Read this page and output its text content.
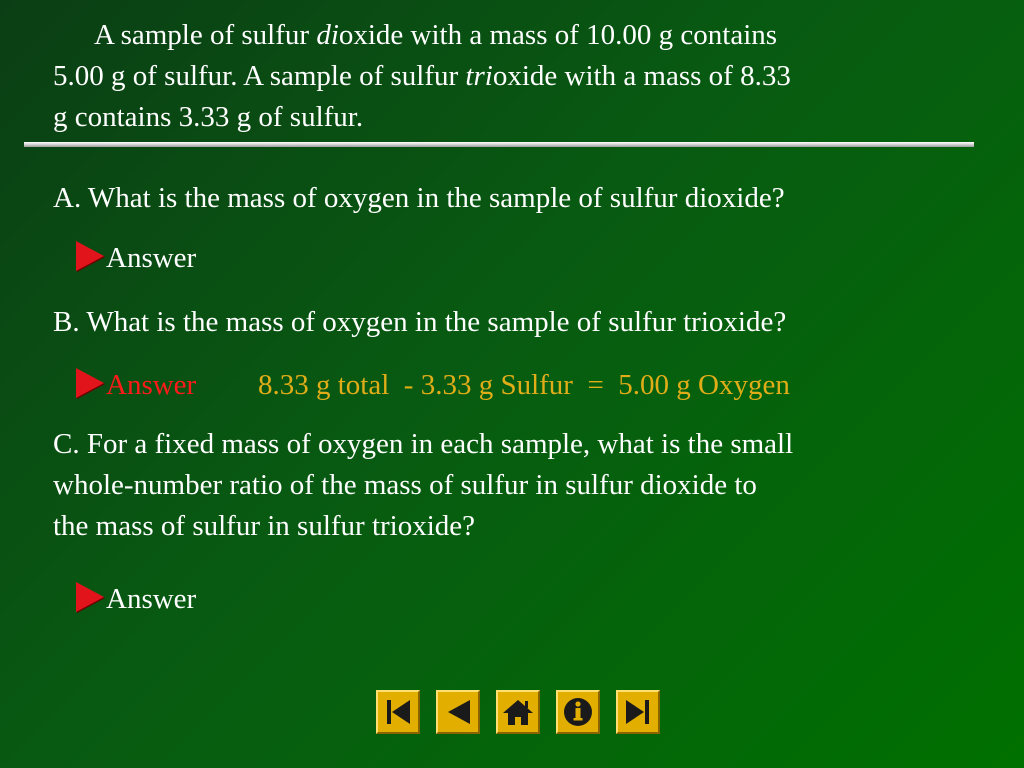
A sample of sulfur dioxide with a mass of 10.00 g contains
5.00 g of sulfur. A sample of sulfur trioxide with a mass of 8.33
g contains 3.33 g of sulfur.
A. What is the mass of oxygen in the sample of sulfur dioxide?
Answer
B. What is the mass of oxygen in the sample of sulfur trioxide?
Answer 8.33 g total  - 3.33 g Sulfur  =  5.00 g Oxygen
C. For a fixed mass of oxygen in each sample, what is the small
whole-number ratio of the mass of sulfur in sulfur dioxide to
the mass of sulfur in sulfur trioxide?
Answer
